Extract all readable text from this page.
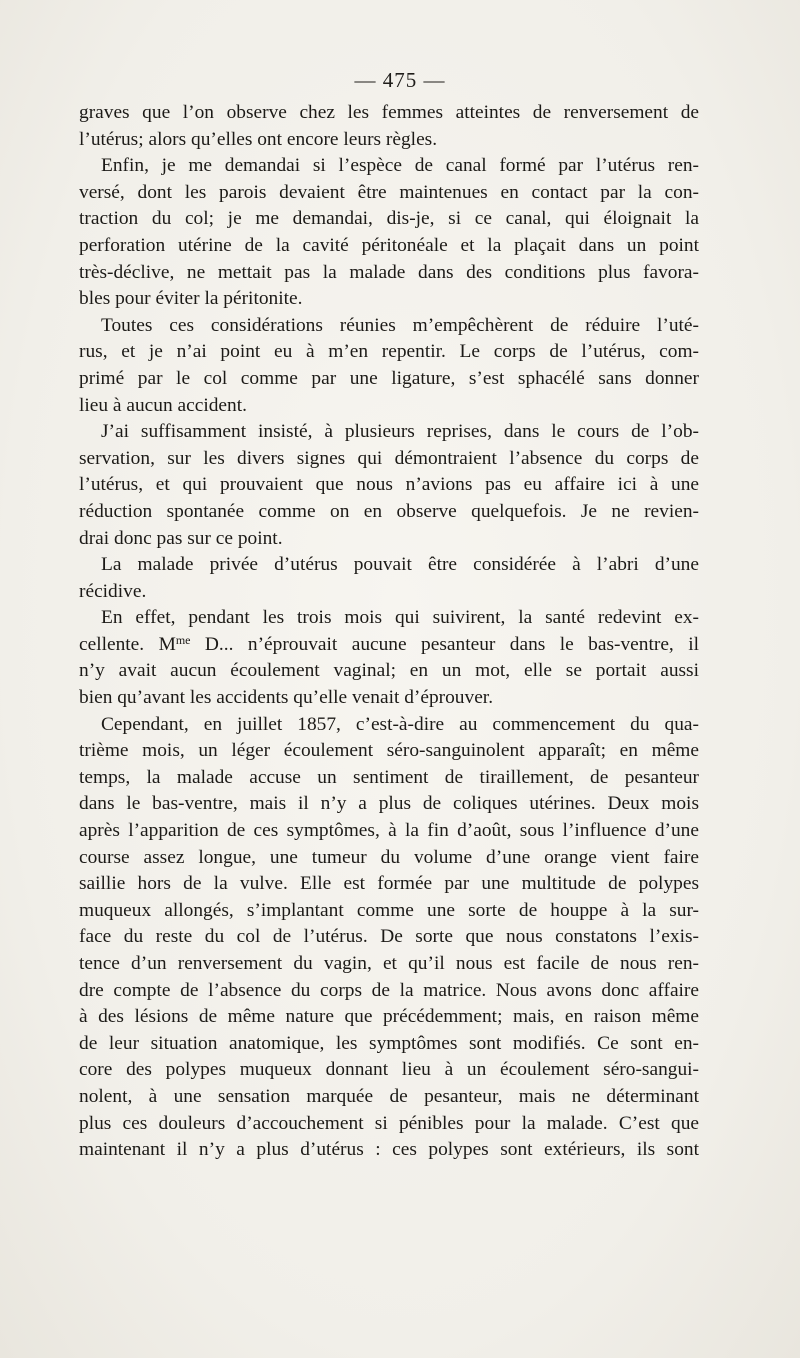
— 475 —
graves que l’on observe chez les femmes atteintes de renversement de
l’utérus; alors qu’elles ont encore leurs règles.
Enfin, je me demandai si l’espèce de canal formé par l’utérus ren-
versé, dont les parois devaient être maintenues en contact par la con-
traction du col; je me demandai, dis-je, si ce canal, qui éloignait la
perforation utérine de la cavité péritonéale et la plaçait dans un point
très-déclive, ne mettait pas la malade dans des conditions plus favora-
bles pour éviter la péritonite.
Toutes ces considérations réunies m’empêchèrent de réduire l’uté-
rus, et je n’ai point eu à m’en repentir. Le corps de l’utérus, com-
primé par le col comme par une ligature, s’est sphacélé sans donner
lieu à aucun accident.
J’ai suffisamment insisté, à plusieurs reprises, dans le cours de l’ob-
servation, sur les divers signes qui démontraient l’absence du corps de
l’utérus, et qui prouvaient que nous n’avions pas eu affaire ici à une
réduction spontanée comme on en observe quelquefois. Je ne revien-
drai donc pas sur ce point.
La malade privée d’utérus pouvait être considérée à l’abri d’une
récidive.
En effet, pendant les trois mois qui suivirent, la santé redevint ex-
cellente. $M^{me}$ D... n’éprouvait aucune pesanteur dans le bas-ventre, il
n’y avait aucun écoulement vaginal; en un mot, elle se portait aussi
bien qu’avant les accidents qu’elle venait d’éprouver.
Cependant, en juillet 1857, c’est-à-dire au commencement du qua-
trième mois, un léger écoulement séro-sanguinolent apparaît; en même
temps, la malade accuse un sentiment de tiraillement, de pesanteur
dans le bas-ventre, mais il n’y a plus de coliques utérines. Deux mois
après l’apparition de ces symptômes, à la fin d’août, sous l’influence d’une
course assez longue, une tumeur du volume d’une orange vient faire
saillie hors de la vulve. Elle est formée par une multitude de polypes
muqueux allongés, s’implantant comme une sorte de houppe à la sur-
face du reste du col de l’utérus. De sorte que nous constatons l’exis-
tence d’un renversement du vagin, et qu’il nous est facile de nous ren-
dre compte de l’absence du corps de la matrice. Nous avons donc affaire
à des lésions de même nature que précédemment; mais, en raison même
de leur situation anatomique, les symptômes sont modifiés. Ce sont en-
core des polypes muqueux donnant lieu à un écoulement séro-sangui-
nolent, à une sensation marquée de pesanteur, mais ne déterminant
plus ces douleurs d’accouchement si pénibles pour la malade. C’est que
maintenant il n’y a plus d’utérus : ces polypes sont extérieurs, ils sont
